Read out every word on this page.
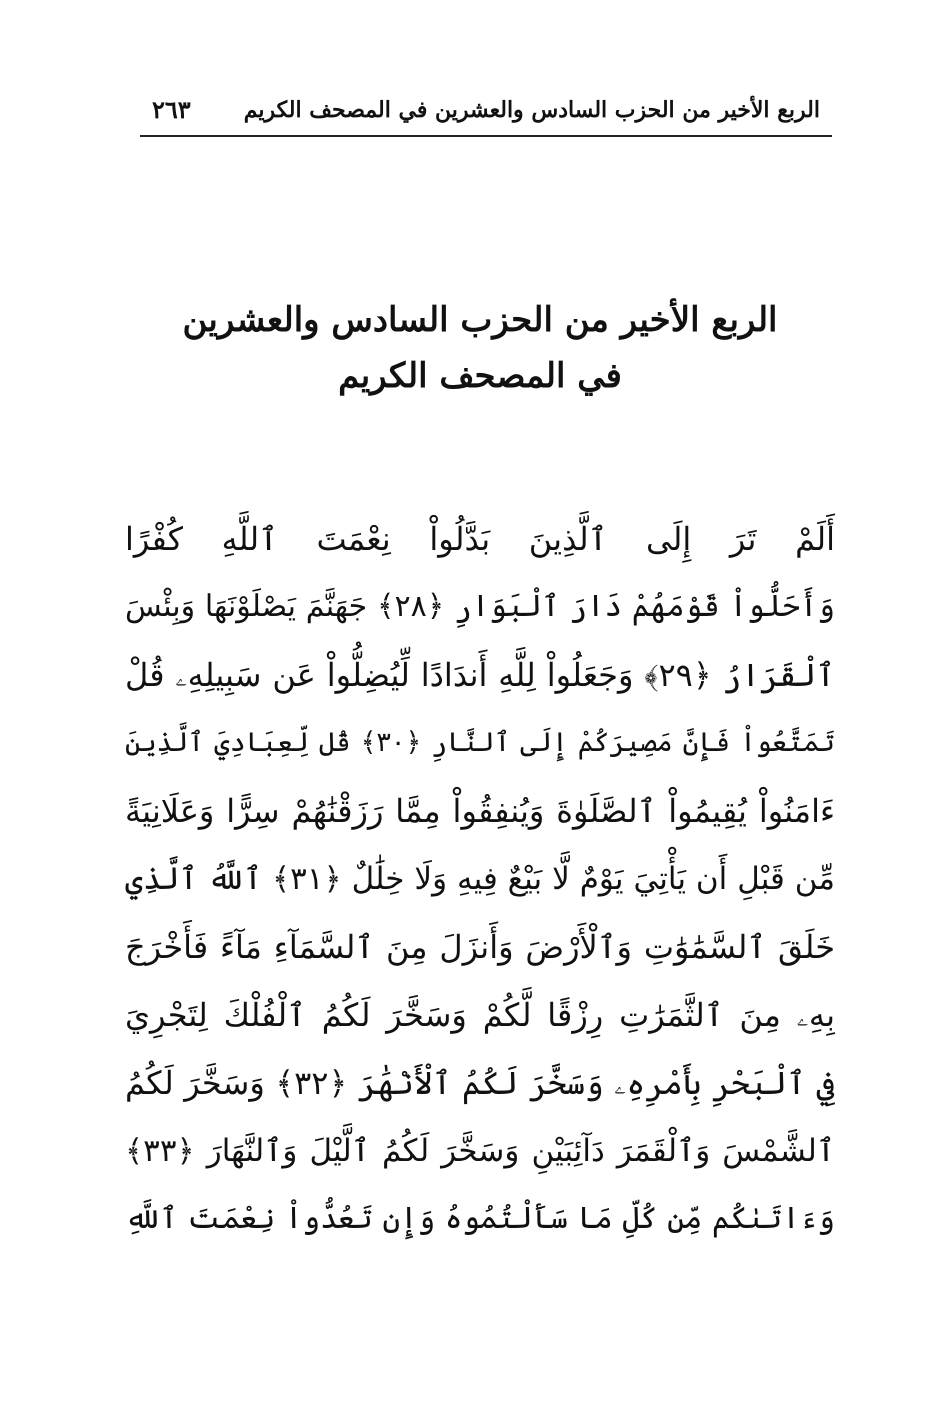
٢٦٣ الربع الأخير من الحزب السادس والعشرين في المصحف الكريم
الربع الأخير من الحزب السادس والعشرين
في المصحف الكريم
أَلَمْ تَرَ إِلَى ٱلَّذِينَ بَدَّلُواْ نِعْمَتَ ٱللَّهِ كُفْرًا
وَأَحَلُّواْ قَوْمَهُمْ دَارَ ٱلْبَوَارِ ﴿٢٨﴾ جَهَنَّمَ يَصْلَوْنَهَا وَبِئْسَ
ٱلْقَرَارُ ﴿٢٩﴾ وَجَعَلُواْ لِلَّهِ أَندَادًا لِّيُضِلُّواْ عَن سَبِيلِهِۦ قُلْ
تَمَتَّعُواْ فَإِنَّ مَصِيرَكُمْ إِلَى ٱلنَّارِ ﴿٣٠﴾ قُل لِّعِبَادِيَ ٱلَّذِينَ
ءَامَنُواْ يُقِيمُواْ ٱلصَّلَوٰةَ وَيُنفِقُواْ مِمَّا رَزَقْنَٰهُمْ سِرًّا وَعَلَانِيَةً
مِّن قَبْلِ أَن يَأْتِيَ يَوْمٌ لَّا بَيْعٌ فِيهِ وَلَا خِلَٰلٌ ﴿٣١﴾ ٱللَّهُ ٱلَّذِي
خَلَقَ ٱلسَّمَٰوَٰتِ وَٱلْأَرْضَ وَأَنزَلَ مِنَ ٱلسَّمَآءِ مَآءً فَأَخْرَجَ
بِهِۦ مِنَ ٱلثَّمَرَٰتِ رِزْقًا لَّكُمْ وَسَخَّرَ لَكُمُ ٱلْفُلْكَ لِتَجْرِيَ
فِي ٱلْبَحْرِ بِأَمْرِهِۦ وَسَخَّرَ لَكُمُ ٱلْأَنْهَٰرَ ﴿٣٢﴾ وَسَخَّرَ لَكُمُ
ٱلشَّمْسَ وَٱلْقَمَرَ دَآئِبَيْنِ وَسَخَّرَ لَكُمُ ٱلَّيْلَ وَٱلنَّهَارَ ﴿٣٣﴾
وَءَاتَىٰكُم مِّن كُلِّ مَا سَأَلْتُمُوهُ وَإِن تَعُدُّواْ نِعْمَتَ ٱللَّهِ
